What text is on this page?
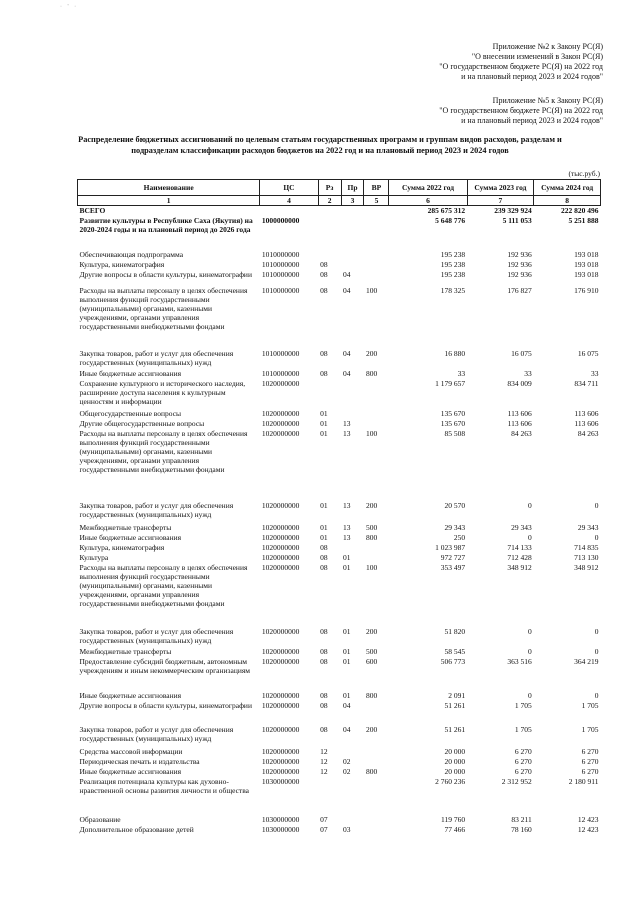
· ' ·
Приложение №2 к Закону РС(Я)
"О внесении изменений в Закон РС(Я)
"О государственном бюджете РС(Я) на 2022 год
и на плановый период 2023 и 2024 годов"
Приложение №5 к Закону РС(Я)
"О государственном бюджете РС(Я) на 2022 год
и на плановый период 2023 и 2024 годов"
Распределение бюджетных ассигнований по целевым статьям государственных программ и группам видов расходов, разделам и подразделам классификации расходов бюджетов на 2022 год и на плановый период 2023 и 2024 годов
(тыс.руб.)
Наименование	ЦС	Рз	Пр	ВР	Сумма 2022 год	Сумма 2023 год	Сумма 2024 год
1	4	2	3	5	6	7	8
ВСЕГО					285 675 312	239 329 924	222 820 496
Развитие культуры в Республике Саха (Якутия) на 2020-2024 годы и на плановый период до 2026 года	1000000000				5 648 776	5 111 053	5 251 888
Обеспечивающая подпрограмма	1010000000				195 238	192 936	193 018
Культура, кинематография	1010000000	08			195 238	192 936	193 018
Другие вопросы в области культуры, кинематографии	1010000000	08	04		195 238	192 936	193 018
Расходы на выплаты персоналу в целях обеспечения выполнения функций государственными (муниципальными) органами, казенными учреждениями, органами управления государственными внебюджетными фондами	1010000000	08	04	100	178 325	176 827	176 910
Закупка товаров, работ и услуг для обеспечения государственных (муниципальных) нужд	1010000000	08	04	200	16 880	16 075	16 075
Иные бюджетные ассигнования	1010000000	08	04	800	33	33	33
Сохранение культурного и исторического наследия, расширение доступа населения к культурным ценностям и информации	1020000000				1 179 657	834 009	834 711
Общегосударственные вопросы	1020000000	01			135 670	113 606	113 606
Другие общегосударственные вопросы	1020000000	01	13		135 670	113 606	113 606
Расходы на выплаты персоналу в целях обеспечения выполнения функций государственными (муниципальными) органами, казенными учреждениями, органами управления государственными внебюджетными фондами	1020000000	01	13	100	85 508	84 263	84 263
Закупка товаров, работ и услуг для обеспечения государственных (муниципальных) нужд	1020000000	01	13	200	20 570	0	0
Межбюджетные трансферты	1020000000	01	13	500	29 343	29 343	29 343
Иные бюджетные ассигнования	1020000000	01	13	800	250	0	0
Культура, кинематография	1020000000	08			1 023 987	714 133	714 835
Культура	1020000000	08	01		972 727	712 428	713 130
Расходы на выплаты персоналу в целях обеспечения выполнения функций государственными (муниципальными) органами, казенными учреждениями, органами управления государственными внебюджетными фондами	1020000000	08	01	100	353 497	348 912	348 912
Закупка товаров, работ и услуг для обеспечения государственных (муниципальных) нужд	1020000000	08	01	200	51 820	0	0
Межбюджетные трансферты	1020000000	08	01	500	58 545	0	0
Предоставление субсидий бюджетным, автономным учреждениям и иным некоммерческим организациям	1020000000	08	01	600	506 773	363 516	364 219
Иные бюджетные ассигнования	1020000000	08	01	800	2 091	0	0
Другие вопросы в области культуры, кинематографии	1020000000	08	04		51 261	1 705	1 705
Закупка товаров, работ и услуг для обеспечения государственных (муниципальных) нужд	1020000000	08	04	200	51 261	1 705	1 705
Средства массовой информации	1020000000	12			20 000	6 270	6 270
Периодическая печать и издательства	1020000000	12	02		20 000	6 270	6 270
Иные бюджетные ассигнования	1020000000	12	02	800	20 000	6 270	6 270
Реализация потенциала культуры как духовно-нравственной основы развития личности и общества	1030000000				2 760 236	2 312 952	2 180 911
Образование	1030000000	07			119 760	83 211	12 423
Дополнительное образование детей	1030000000	07	03		77 466	78 160	12 423
